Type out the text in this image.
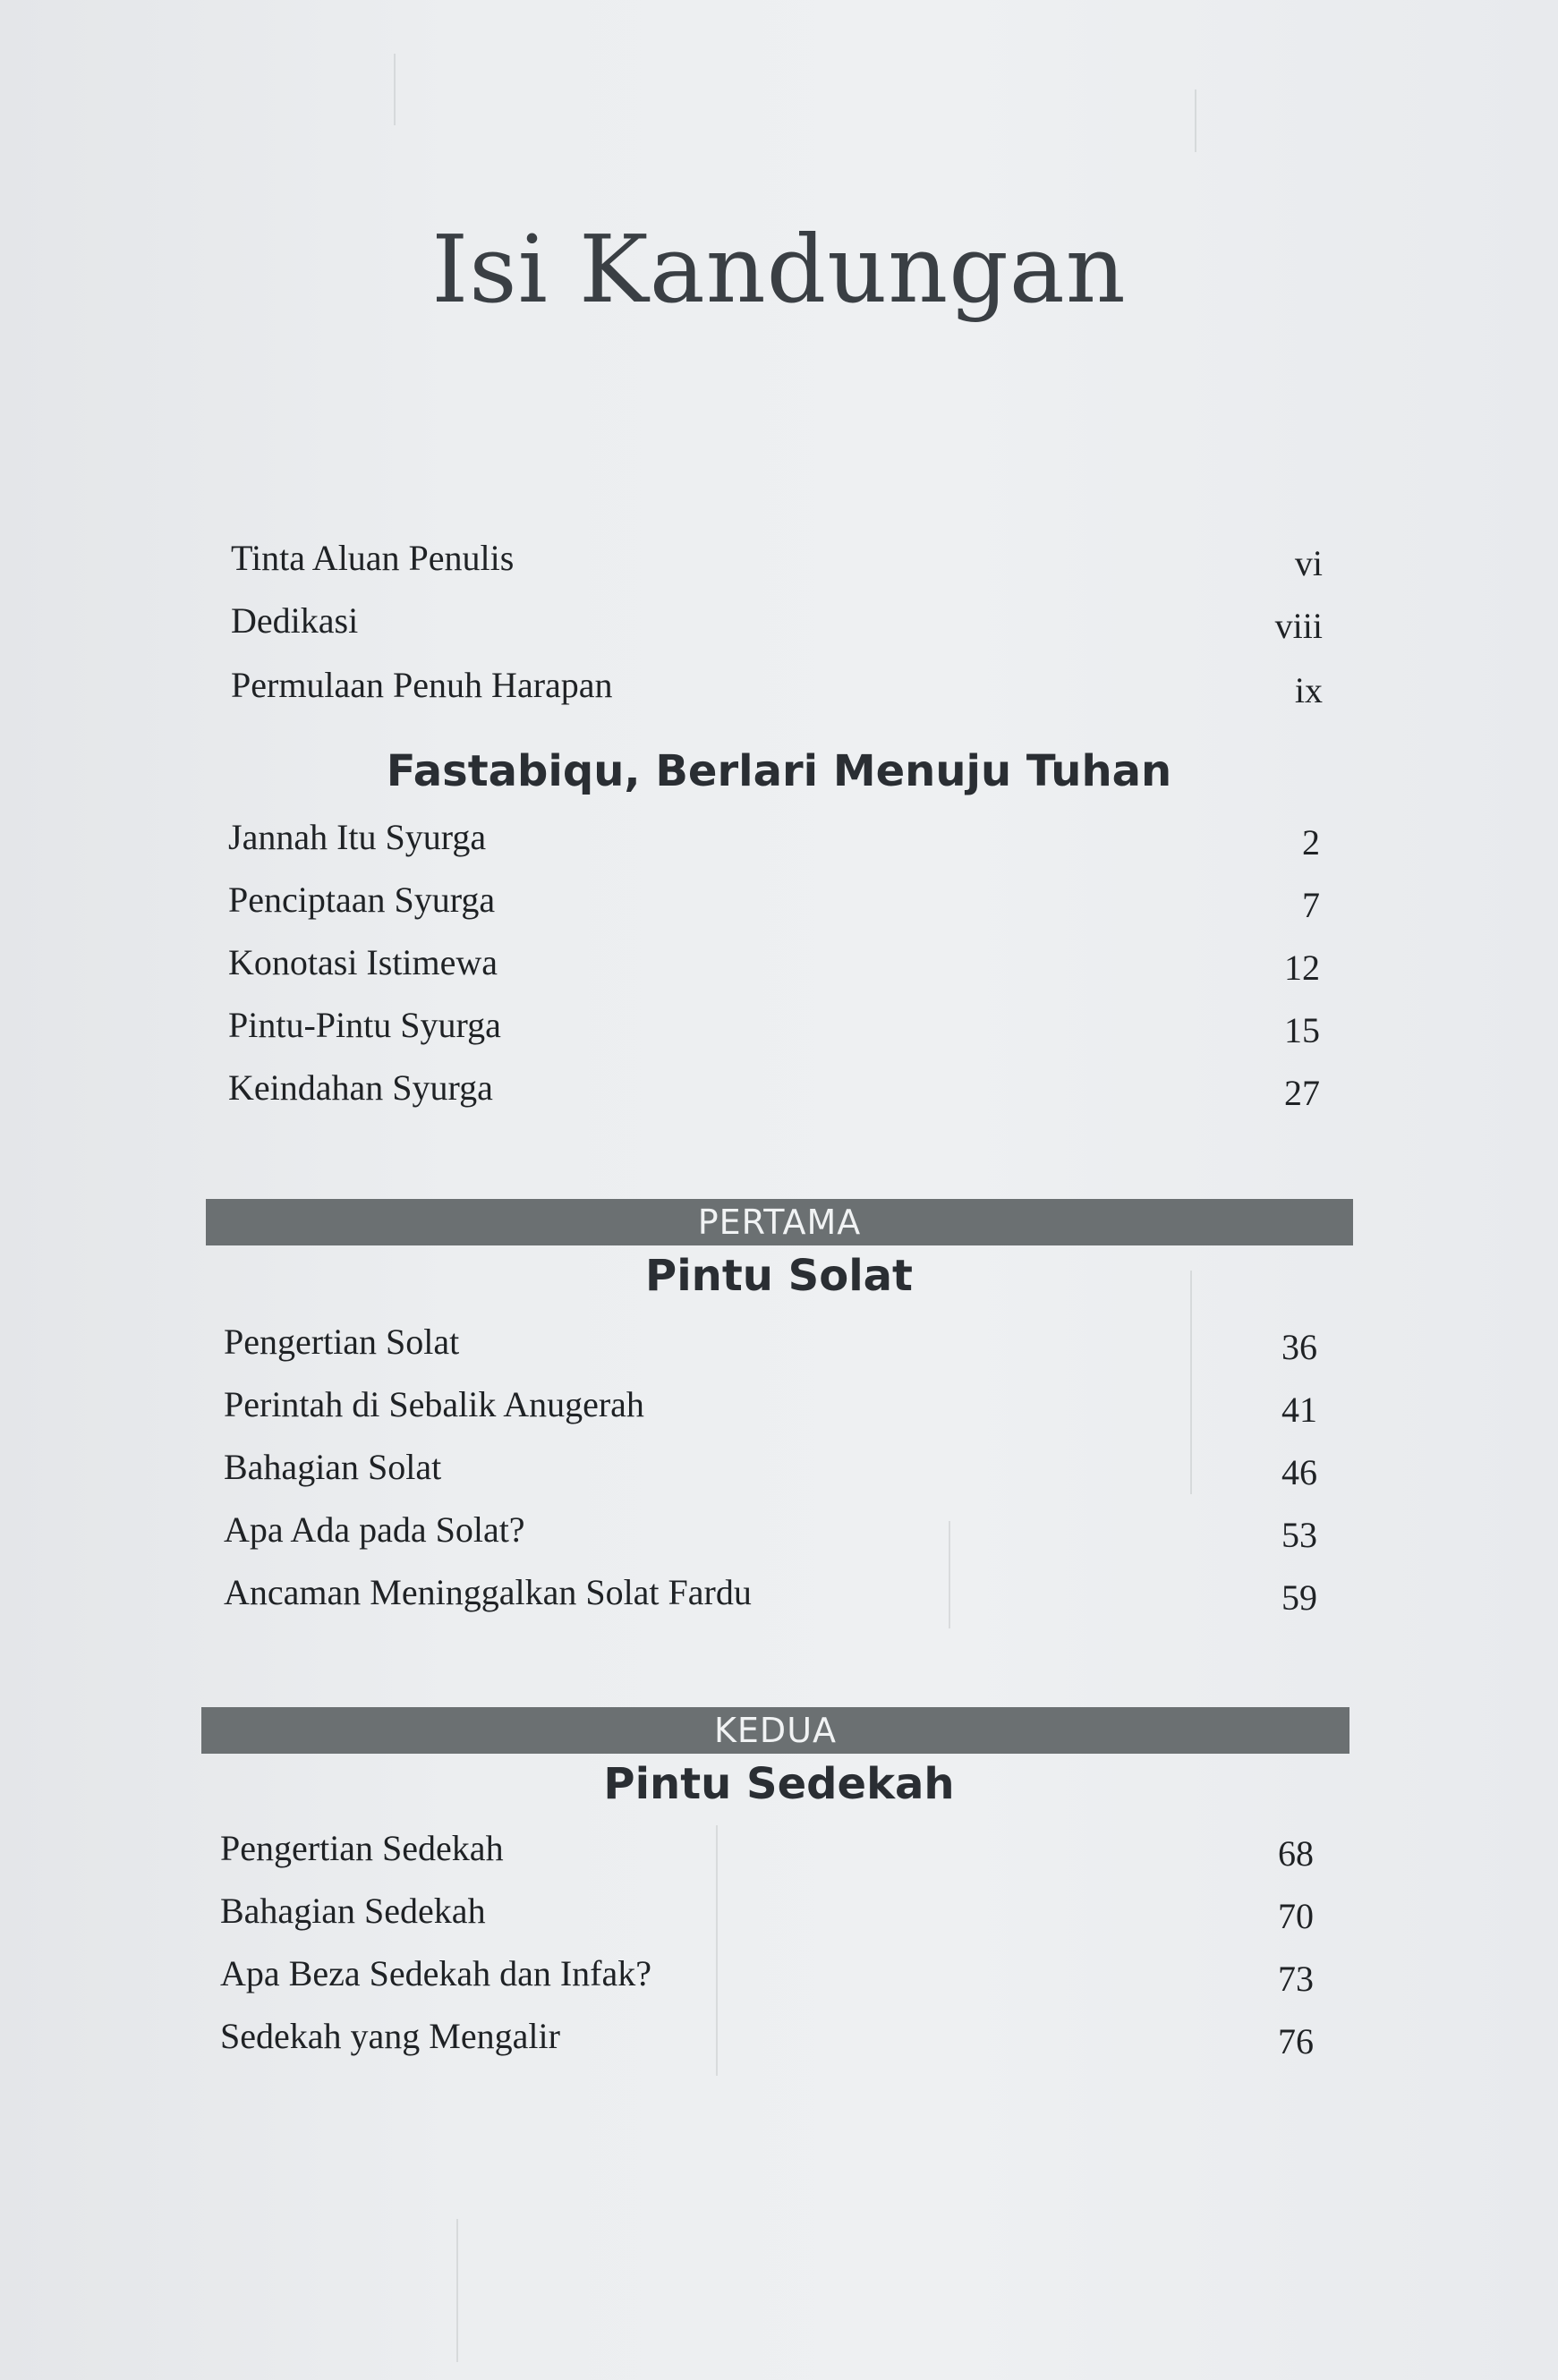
Isi Kandungan
Tinta Aluan Penulis	vi
Dedikasi	viii
Permulaan Penuh Harapan	ix
Fastabiqu, Berlari Menuju Tuhan
Jannah Itu Syurga	2
Penciptaan Syurga	7
Konotasi Istimewa	12
Pintu-Pintu Syurga	15
Keindahan Syurga	27
PERTAMA
Pintu Solat
Pengertian Solat	36
Perintah di Sebalik Anugerah	41
Bahagian Solat	46
Apa Ada pada Solat?	53
Ancaman Meninggalkan Solat Fardu	59
KEDUA
Pintu Sedekah
Pengertian Sedekah	68
Bahagian Sedekah	70
Apa Beza Sedekah dan Infak?	73
Sedekah yang Mengalir	76
